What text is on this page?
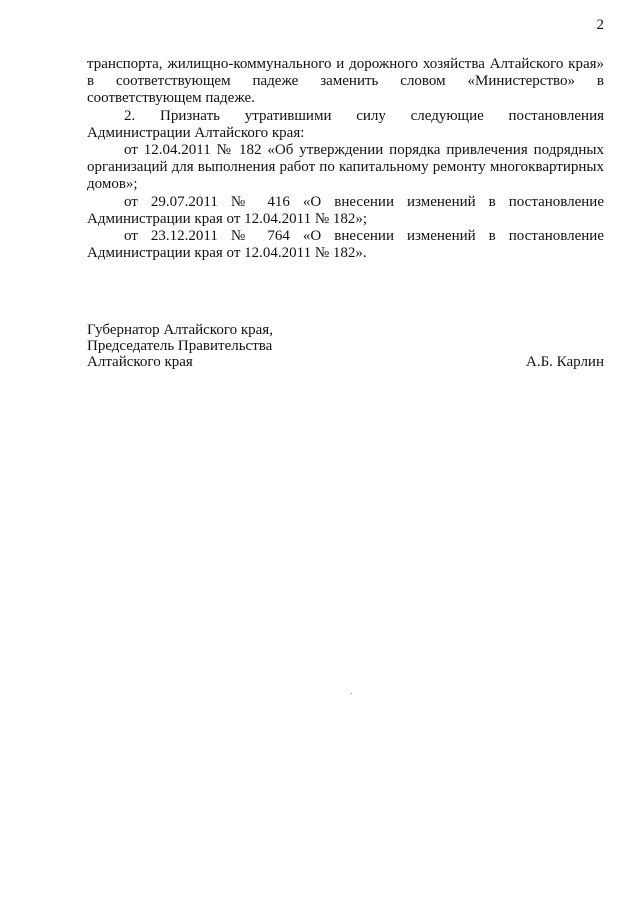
2

транспорта, жилищно-коммунального и дорожного хозяйства Алтайского края» в соответствующем падеже заменить словом «Министерство» в соответствующем падеже.

2. Признать утратившими силу следующие постановления Администрации Алтайского края:

от 12.04.2011 № 182 «Об утверждении порядка привлечения подрядных организаций для выполнения работ по капитальному ремонту многоквартирных домов»;

от 29.07.2011 № 416 «О внесении изменений в постановление Администрации края от 12.04.2011 № 182»;

от 23.12.2011 № 764 «О внесении изменений в постановление Администрации края от 12.04.2011 № 182».

Губернатор Алтайского края,
Председатель Правительства
Алтайского края	А.Б. Карлин
